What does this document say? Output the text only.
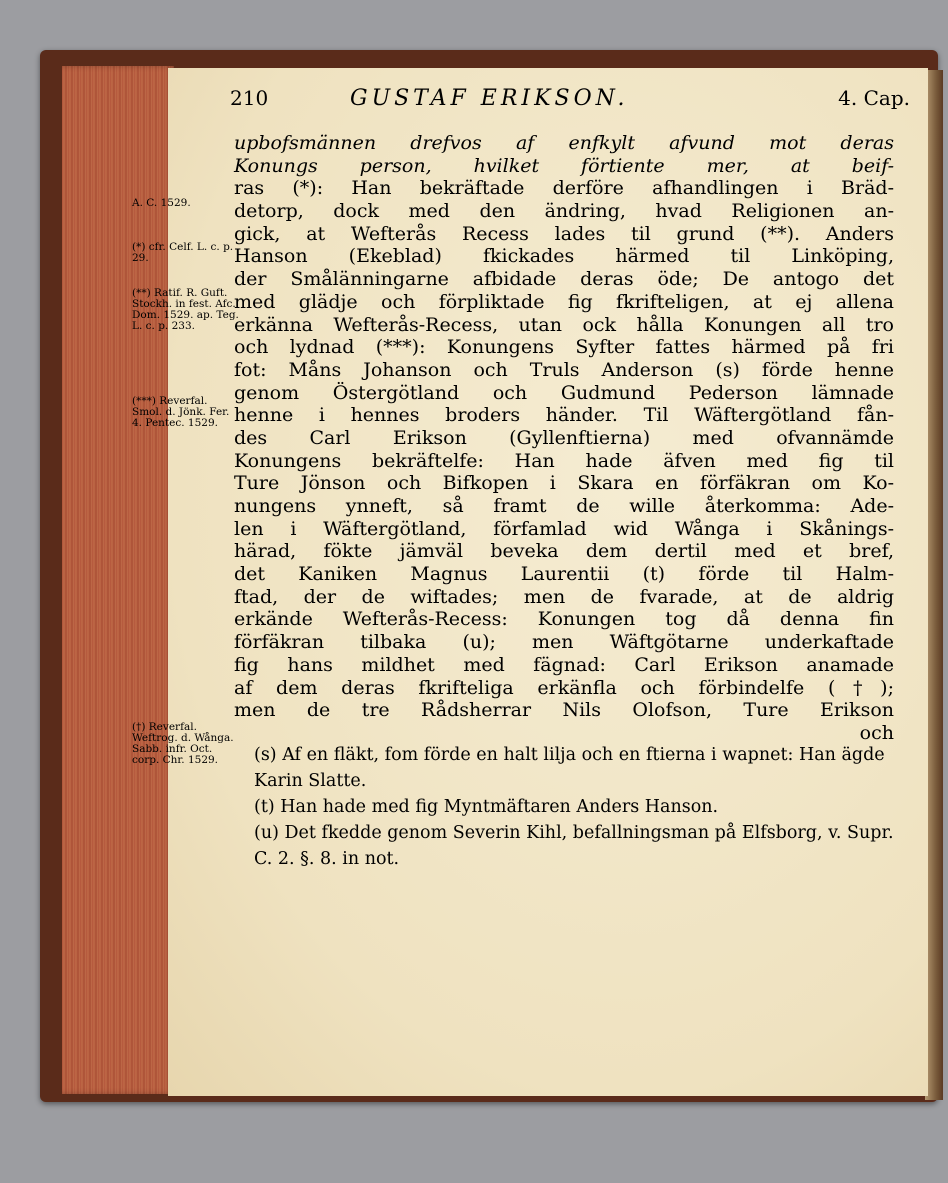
210	GUSTAF ERIKSON.	4. Cap.
A. C. 1529.
(*) cfr. Celf. L. c. p. 29.
(**) Ratif. R. Guft. Stockh. in fest. Afc. Dom. 1529. ap. Teg. L. c. p. 233.
(***) Reverfal. Smol. d. Jönk. Fer. 4. Pentec. 1529.
(†) Reverfal. Weftrog. d. Wånga. Sabb. infr. Oct. corp. Chr. 1529.
upbofsmännen drefvos af enfkylt afvund mot deras
Konungs person, hvilket förtiente mer, at beif-
ras (*): Han bekräftade derföre afhandlingen i Bräd-
detorp, dock med den ändring, hvad Religionen an-
gick, at Wefterås Recess lades til grund (**). Anders
Hanson (Ekeblad) fkickades härmed til Linköping,
der Smålänningarne afbidade deras öde; De antogo det
med glädje och förpliktade fig fkrifteligen, at ej allena
erkänna Wefterås-Recess, utan ock hålla Konungen all tro
och lydnad (***): Konungens Syfter fattes härmed på fri
fot: Måns Johanson och Truls Anderson (s) förde henne
genom Östergötland och Gudmund Pederson lämnade
henne i hennes broders händer. Til Wäftergötland fån-
des Carl Erikson (Gyllenftierna) med ofvannämde
Konungens bekräftelfe: Han hade äfven med fig til
Ture Jönson och Bifkopen i Skara en förfäkran om Ko-
nungens ynneft, så framt de wille återkomma: Ade-
len i Wäftergötland, förfamlad wid Wånga i Skånings-
härad, fökte jämväl beveka dem dertil med et bref,
det Kaniken Magnus Laurentii (t) förde til Halm-
ftad, der de wiftades; men de fvarade, at de aldrig
erkände Wefterås-Recess: Konungen tog då denna fin
förfäkran tilbaka (u); men Wäftgötarne underkaftade
fig hans mildhet med fägnad: Carl Erikson anamade
af dem deras fkrifteliga erkänfla och förbindelfe (†);
men de tre Rådsherrar Nils Olofson, Ture Erikson
och
(s) Af en fläkt, fom förde en halt lilja och en ftierna i wapnet: Han ägde Karin Slatte.
(t) Han hade med fig Myntmäftaren Anders Hanson.
(u) Det fkedde genom Severin Kihl, befallningsman på Elfsborg, v. Supr. C. 2. §. 8. in not.
